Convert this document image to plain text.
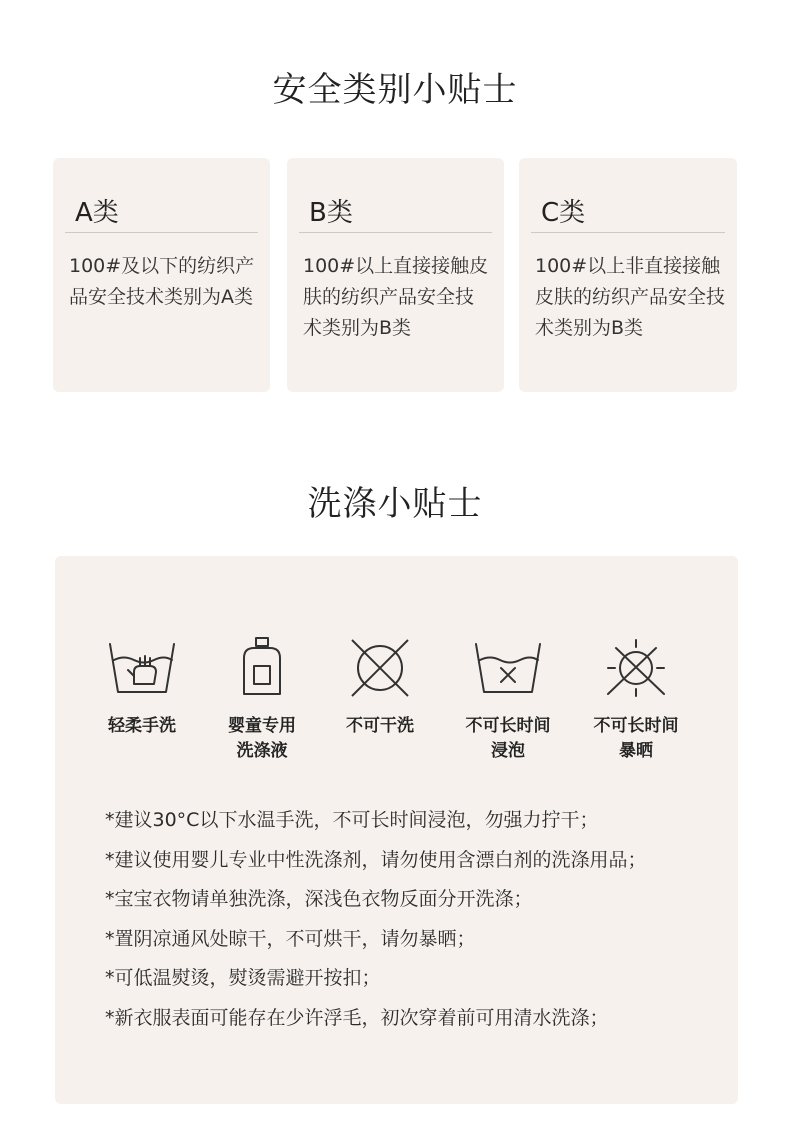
安全类别小贴士
A类
100#及以下的纺织产品安全技术类别为A类
B类
100#以上直接接触皮肤的纺织产品安全技术类别为B类
C类
100#以上非直接接触皮肤的纺织产品安全技术类别为B类
洗涤小贴士
轻柔手洗	婴童专用
洗涤液
不可干洗	不可长时间
浸泡
不可长时间
暴晒
*建议30°C以下水温手洗，不可长时间浸泡，勿强力拧干；
*建议使用婴儿专业中性洗涤剂，请勿使用含漂白剂的洗涤用品；
*宝宝衣物请单独洗涤，深浅色衣物反面分开洗涤；
*置阴凉通风处晾干，不可烘干，请勿暴晒；
*可低温熨烫，熨烫需避开按扣；
*新衣服表面可能存在少许浮毛，初次穿着前可用清水洗涤；
